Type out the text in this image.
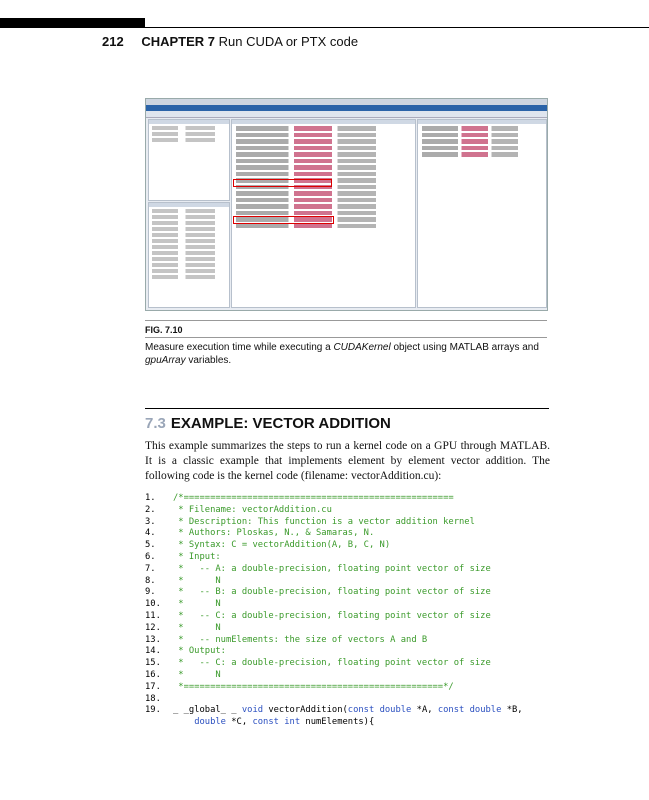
212 CHAPTER 7 Run CUDA or PTX code
FIG. 7.10
Measure execution time while executing a CUDAKernel object using MATLAB arrays and gpuArray variables.
7.3 EXAMPLE: VECTOR ADDITION
This example summarizes the steps to run a kernel code on a GPU through MATLAB. It is a classic example that implements element by element vector addition. The following code is the kernel code (filename: vectorAddition.cu):
1. /*===================================================
2. * Filename: vectorAddition.cu
3. * Description: This function is a vector addition kernel
4. * Authors: Ploskas, N., & Samaras, N.
5. * Syntax: C = vectorAddition(A, B, C, N)
6. * Input:
7. *   -- A: a double-precision, floating point vector of size
8. *      N
9. *   -- B: a double-precision, floating point vector of size
10. *      N
11. *   -- C: a double-precision, floating point vector of size
12. *      N
13. *   -- numElements: the size of vectors A and B
14. * Output:
15. *   -- C: a double-precision, floating point vector of size
16. *      N
17. *=================================================*/
18.
19. _ _global_ _ void vectorAddition(const double *A, const double *B,
double *C, const int numElements){
